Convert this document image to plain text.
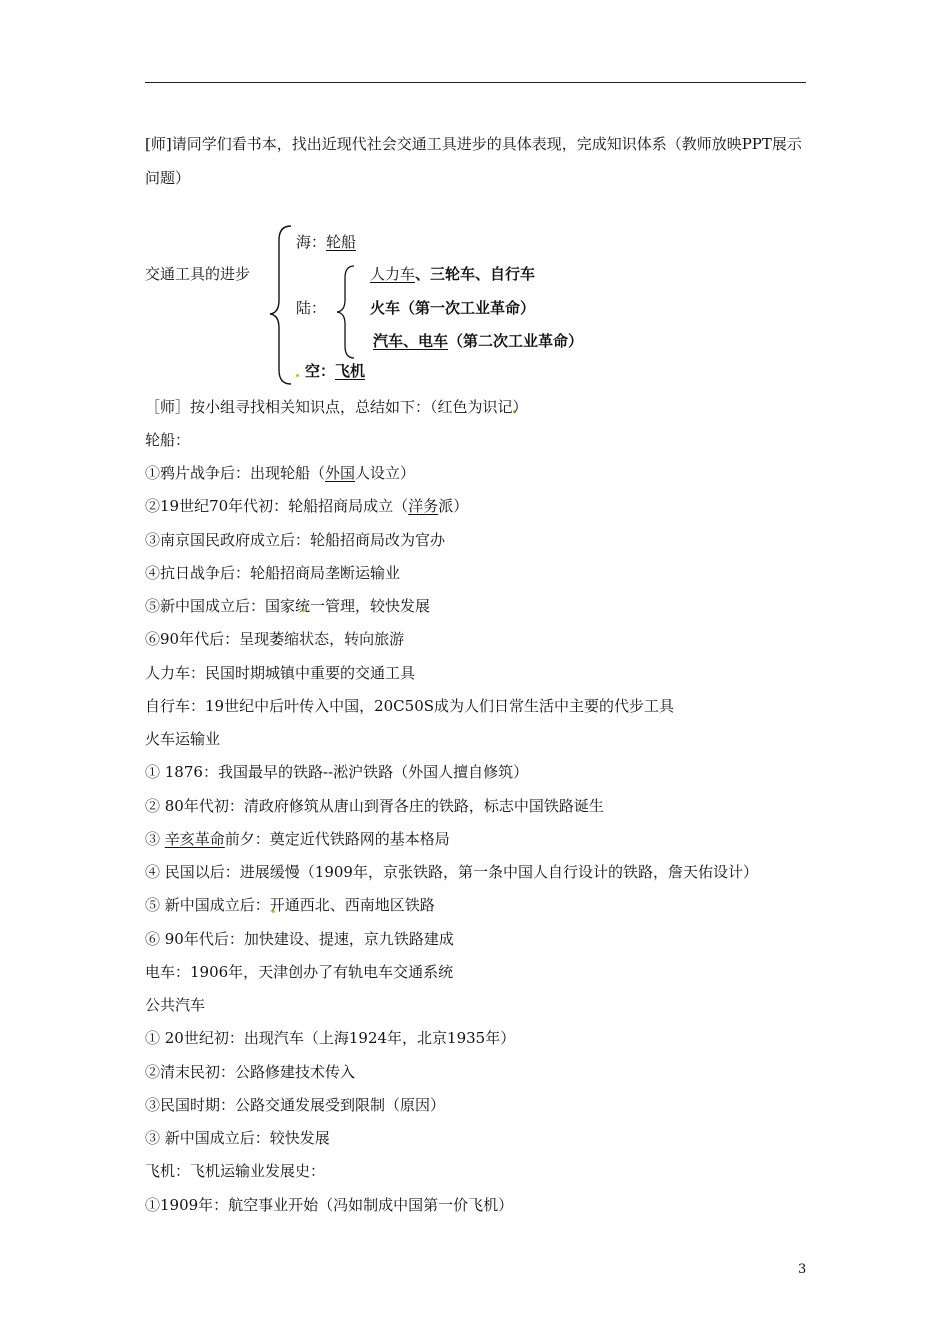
[师]请同学们看书本，找出近现代社会交通工具进步的具体表现，完成知识体系（教师放映PPT展示问题）
交通工具的进步
海：轮船
陆：
人力车、三轮车、自行车
火车（第一次工业革命）
汽车、电车（第二次工业革命）
空：飞机
［师］按小组寻找相关知识点，总结如下：（红色为识记）
轮船：
①鸦片战争后：出现轮船（外国人设立）
②19世纪70年代初：轮船招商局成立（洋务派）
③南京国民政府成立后：轮船招商局改为官办
④抗日战争后：轮船招商局垄断运输业
⑤新中国成立后：国家统一管理，较快发展
⑥90年代后：呈现萎缩状态，转向旅游
人力车：民国时期城镇中重要的交通工具
自行车：19世纪中后叶传入中国，20C50S成为人们日常生活中主要的代步工具
火车运输业
① 1876：我国最早的铁路--淞沪铁路（外国人擅自修筑）
② 80年代初：清政府修筑从唐山到胥各庄的铁路，标志中国铁路诞生
③ 辛亥革命前夕：奠定近代铁路网的基本格局
④ 民国以后：进展缓慢（1909年，京张铁路，第一条中国人自行设计的铁路，詹天佑设计）
⑤ 新中国成立后：开通西北、西南地区铁路
⑥ 90年代后：加快建设、提速，京九铁路建成
电车：1906年，天津创办了有轨电车交通系统
公共汽车
① 20世纪初：出现汽车（上海1924年，北京1935年）
②清末民初：公路修建技术传入
③民国时期：公路交通发展受到限制（原因）
③ 新中国成立后：较快发展
飞机：飞机运输业发展史：
①1909年：航空事业开始（冯如制成中国第一价飞机）
3
